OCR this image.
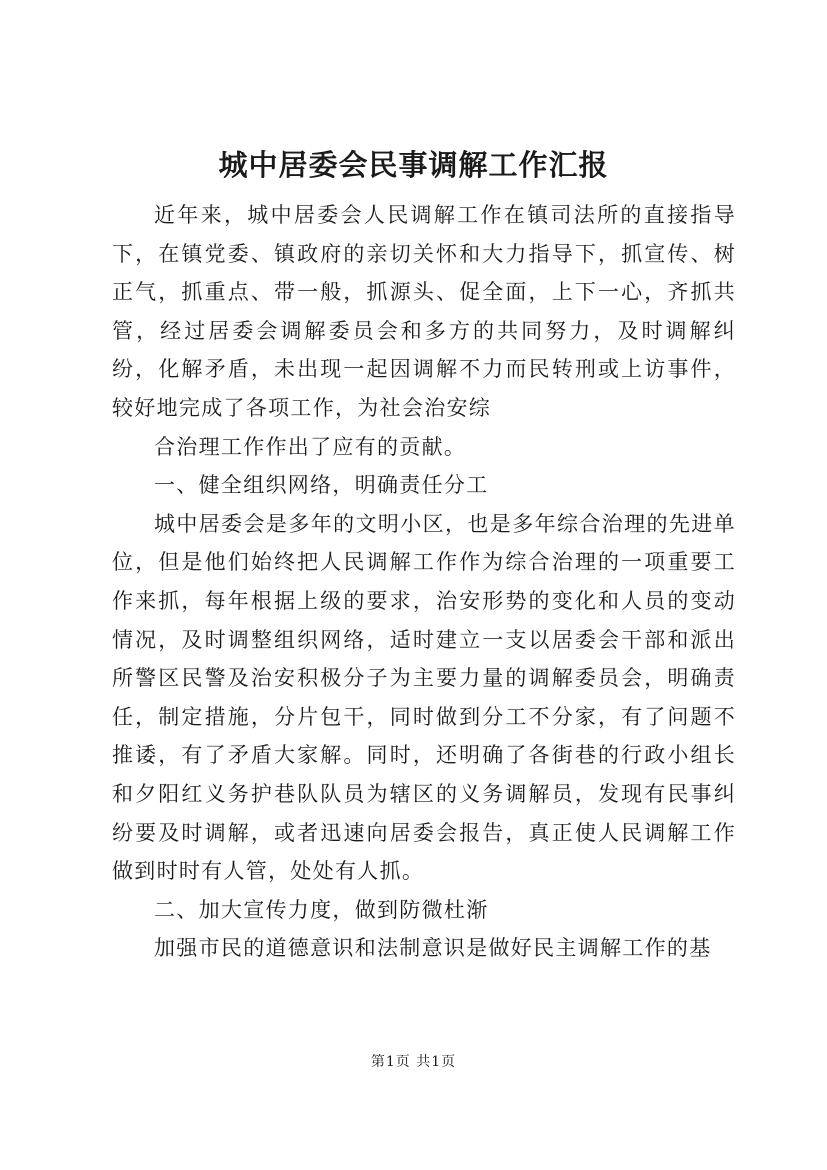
城中居委会民事调解工作汇报

近年来，城中居委会人民调解工作在镇司法所的直接指导下，在镇党委、镇政府的亲切关怀和大力指导下，抓宣传、树正气，抓重点、带一般，抓源头、促全面，上下一心，齐抓共管，经过居委会调解委员会和多方的共同努力，及时调解纠纷，化解矛盾，未出现一起因调解不力而民转刑或上访事件，较好地完成了各项工作，为社会治安综

合治理工作作出了应有的贡献。

一、健全组织网络，明确责任分工

城中居委会是多年的文明小区，也是多年综合治理的先进单位，但是他们始终把人民调解工作作为综合治理的一项重要工作来抓，每年根据上级的要求，治安形势的变化和人员的变动情况，及时调整组织网络，适时建立一支以居委会干部和派出所警区民警及治安积极分子为主要力量的调解委员会，明确责任，制定措施，分片包干，同时做到分工不分家，有了问题不推诿，有了矛盾大家解。同时，还明确了各街巷的行政小组长和夕阳红义务护巷队队员为辖区的义务调解员，发现有民事纠纷要及时调解，或者迅速向居委会报告，真正使人民调解工作做到时时有人管，处处有人抓。

二、加大宣传力度，做到防微杜渐

加强市民的道德意识和法制意识是做好民主调解工作的基

第1页 共1页
